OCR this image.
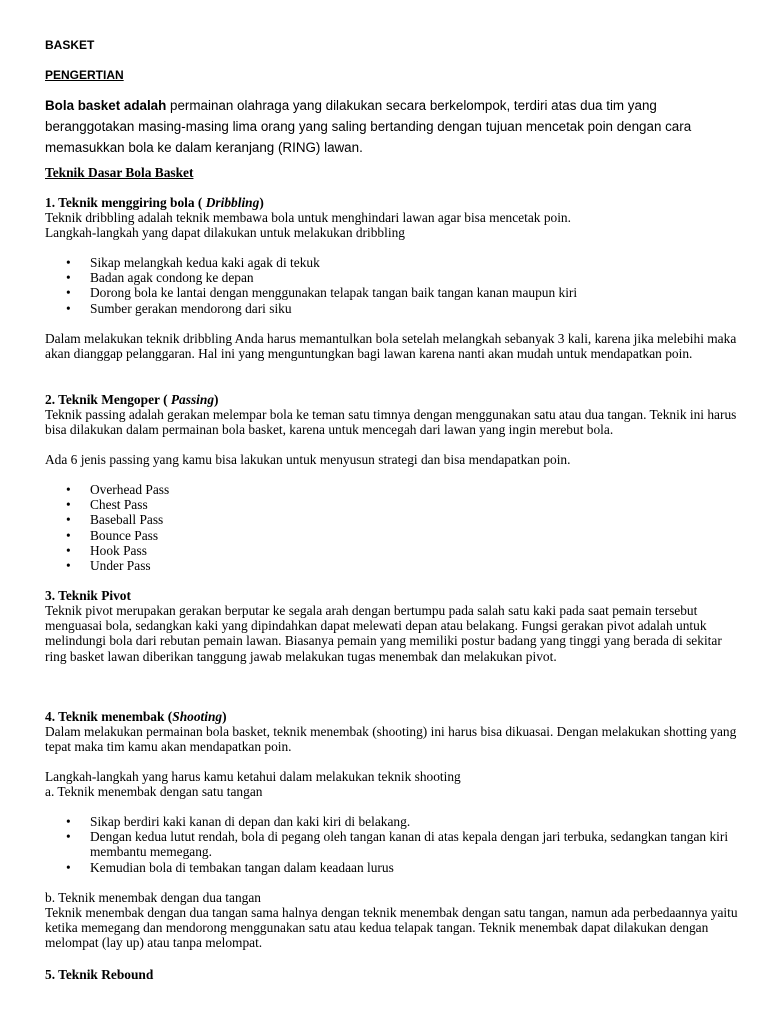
BASKET
PENGERTIAN
Bola basket adalah permainan olahraga yang dilakukan secara berkelompok, terdiri atas dua tim yang beranggotakan masing-masing lima orang yang saling bertanding dengan tujuan mencetak poin dengan cara memasukkan bola ke dalam keranjang (RING) lawan.
Teknik Dasar Bola Basket
1. Teknik menggiring bola ( Dribbling)
Teknik dribbling adalah teknik membawa bola untuk menghindari lawan agar bisa mencetak poin.
Langkah-langkah yang dapat dilakukan untuk melakukan dribbling
• Sikap melangkah kedua kaki agak di tekuk
• Badan agak condong ke depan
• Dorong bola ke lantai dengan menggunakan telapak tangan baik tangan kanan maupun kiri
• Sumber gerakan mendorong dari siku
Dalam melakukan teknik dribbling Anda harus memantulkan bola setelah melangkah sebanyak 3 kali, karena jika melebihi maka akan dianggap pelanggaran. Hal ini yang menguntungkan bagi lawan karena nanti akan mudah untuk mendapatkan poin.
2. Teknik Mengoper ( Passing)
Teknik passing adalah gerakan melempar bola ke teman satu timnya dengan menggunakan satu atau dua tangan. Teknik ini harus bisa dilakukan dalam permainan bola basket, karena untuk mencegah dari lawan yang ingin merebut bola.
Ada 6 jenis passing yang kamu bisa lakukan untuk menyusun strategi dan bisa mendapatkan poin.
• Overhead Pass
• Chest Pass
• Baseball Pass
• Bounce Pass
• Hook Pass
• Under Pass
3. Teknik Pivot
Teknik pivot merupakan gerakan berputar ke segala arah dengan bertumpu pada salah satu kaki pada saat pemain tersebut menguasai bola, sedangkan kaki yang dipindahkan dapat melewati depan atau belakang. Fungsi gerakan pivot adalah untuk melindungi bola dari rebutan pemain lawan. Biasanya pemain yang memiliki postur badang yang tinggi yang berada di sekitar ring basket lawan diberikan tanggung jawab melakukan tugas menembak dan melakukan pivot.
4. Teknik menembak (Shooting)
Dalam melakukan permainan bola basket, teknik menembak (shooting) ini harus bisa dikuasai. Dengan melakukan shotting yang tepat maka tim kamu akan mendapatkan poin.
Langkah-langkah yang harus kamu ketahui dalam melakukan teknik shooting
a. Teknik menembak dengan satu tangan
• Sikap berdiri kaki kanan di depan dan kaki kiri di belakang.
• Dengan kedua lutut rendah, bola di pegang oleh tangan kanan di atas kepala dengan jari terbuka, sedangkan tangan kiri membantu memegang.
• Kemudian bola di tembakan tangan dalam keadaan lurus
b. Teknik menembak dengan dua tangan
Teknik menembak dengan dua tangan sama halnya dengan teknik menembak dengan satu tangan, namun ada perbedaannya yaitu ketika memegang dan mendorong menggunakan satu atau kedua telapak tangan. Teknik menembak dapat dilakukan dengan melompat (lay up) atau tanpa melompat.
5. Teknik Rebound
